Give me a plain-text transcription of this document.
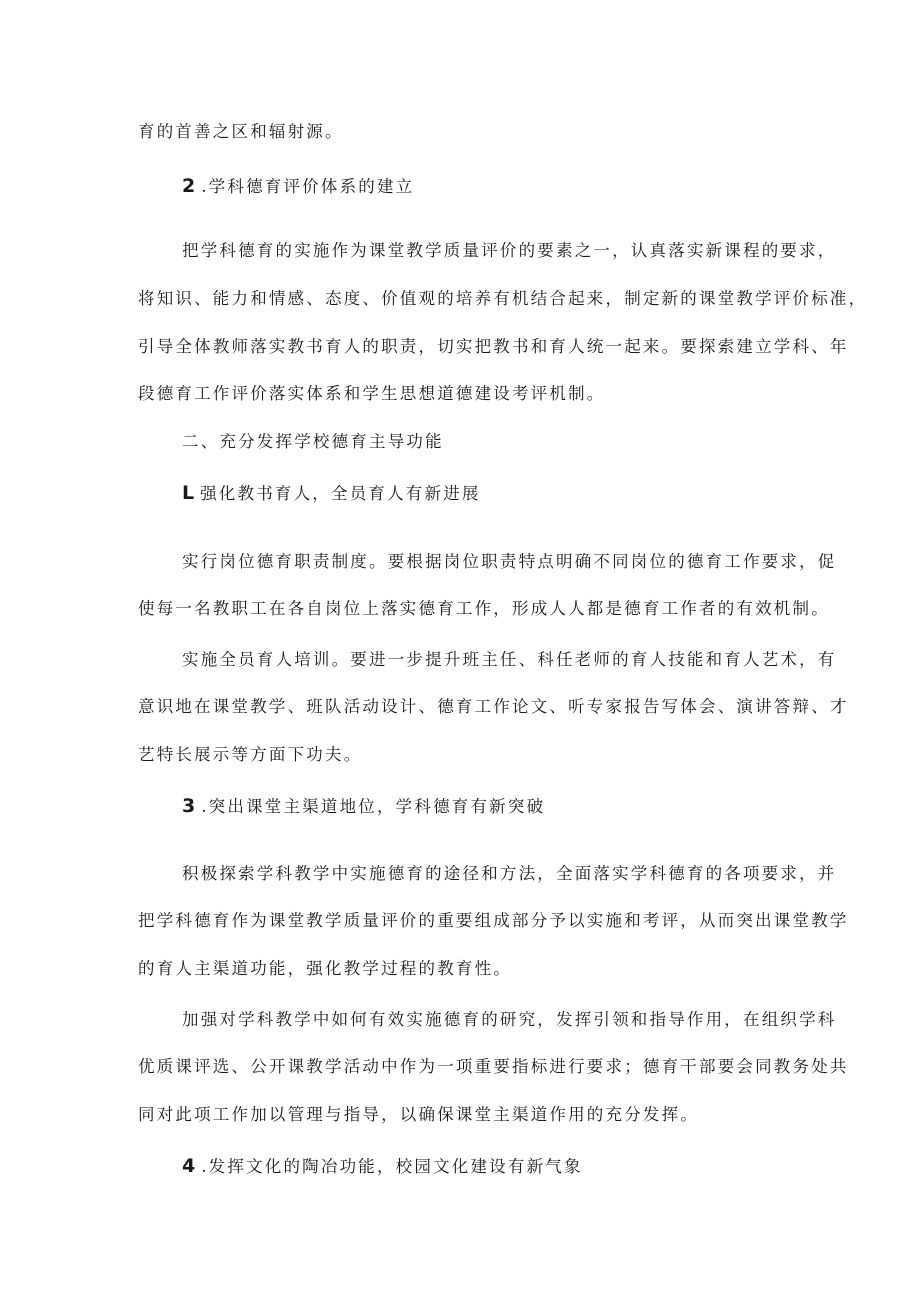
育的首善之区和辐射源。
2 .学科德育评价体系的建立
把学科德育的实施作为课堂教学质量评价的要素之一，认真落实新课程的要求，
将知识、能力和情感、态度、价值观的培养有机结合起来，制定新的课堂教学评价标准，
引导全体教师落实教书育人的职责，切实把教书和育人统一起来。要探索建立学科、年
段德育工作评价落实体系和学生思想道德建设考评机制。
二、充分发挥学校德育主导功能
L 强化教书育人，全员育人有新进展
实行岗位德育职责制度。要根据岗位职责特点明确不同岗位的德育工作要求，促
使每一名教职工在各自岗位上落实德育工作，形成人人都是德育工作者的有效机制。
实施全员育人培训。要进一步提升班主任、科任老师的育人技能和育人艺术，有
意识地在课堂教学、班队活动设计、德育工作论文、听专家报告写体会、演讲答辩、才
艺特长展示等方面下功夫。
3 .突出课堂主渠道地位，学科德育有新突破
积极探索学科教学中实施德育的途径和方法，全面落实学科德育的各项要求，并
把学科德育作为课堂教学质量评价的重要组成部分予以实施和考评，从而突出课堂教学
的育人主渠道功能，强化教学过程的教育性。
加强对学科教学中如何有效实施德育的研究，发挥引领和指导作用，在组织学科
优质课评选、公开课教学活动中作为一项重要指标进行要求；德育干部要会同教务处共
同对此项工作加以管理与指导，以确保课堂主渠道作用的充分发挥。
4 .发挥文化的陶冶功能，校园文化建设有新气象
